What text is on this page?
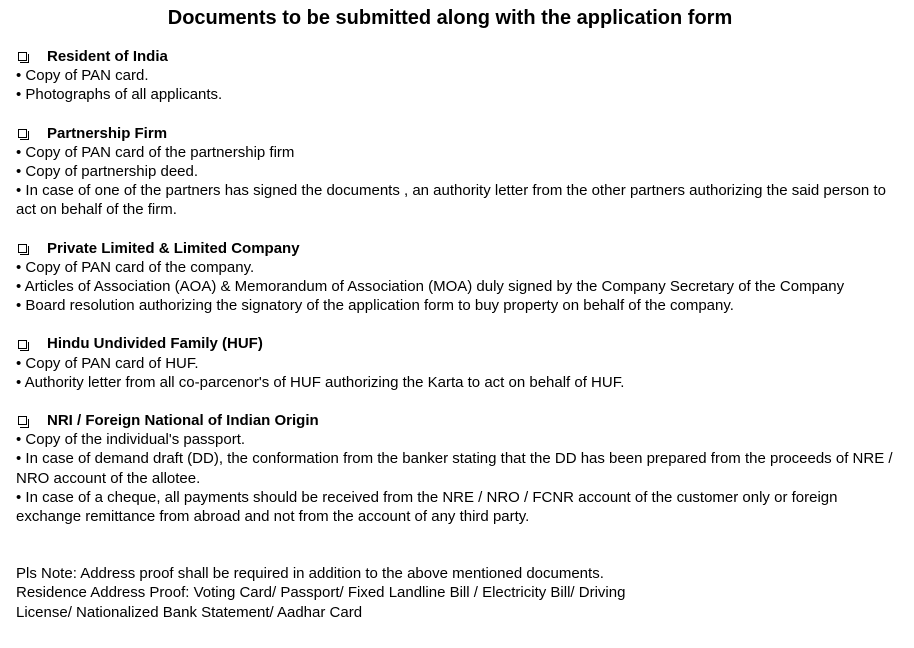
Documents to be submitted along with the application form
Resident of India
• Copy of PAN card.
• Photographs of all applicants.
Partnership Firm
• Copy of PAN card of the partnership firm
• Copy of partnership deed.
• In case of one of the partners has signed the documents , an authority letter from the other partners authorizing the said person to act on behalf of the firm.
Private Limited & Limited Company
• Copy of PAN card of the company.
• Articles of Association (AOA) & Memorandum of Association (MOA) duly signed by the Company Secretary of the Company
• Board resolution authorizing the signatory of the application form to buy property on behalf of the company.
Hindu Undivided Family (HUF)
• Copy of PAN card of HUF.
• Authority letter from all co-parcenor's of HUF authorizing the Karta to act on behalf of HUF.
NRI / Foreign National of Indian Origin
• Copy of the individual's passport.
• In case of demand draft (DD), the conformation from the banker stating that the DD has been prepared from the proceeds of NRE / NRO account of the allotee.
• In case of a cheque, all payments should be received from the NRE / NRO / FCNR account of the customer only or foreign exchange remittance from abroad and not from the account of any third party.
Pls Note: Address proof shall be required in addition to the above mentioned documents.
Residence Address Proof: Voting Card/ Passport/ Fixed Landline Bill / Electricity Bill/ Driving
License/ Nationalized Bank Statement/ Aadhar Card
